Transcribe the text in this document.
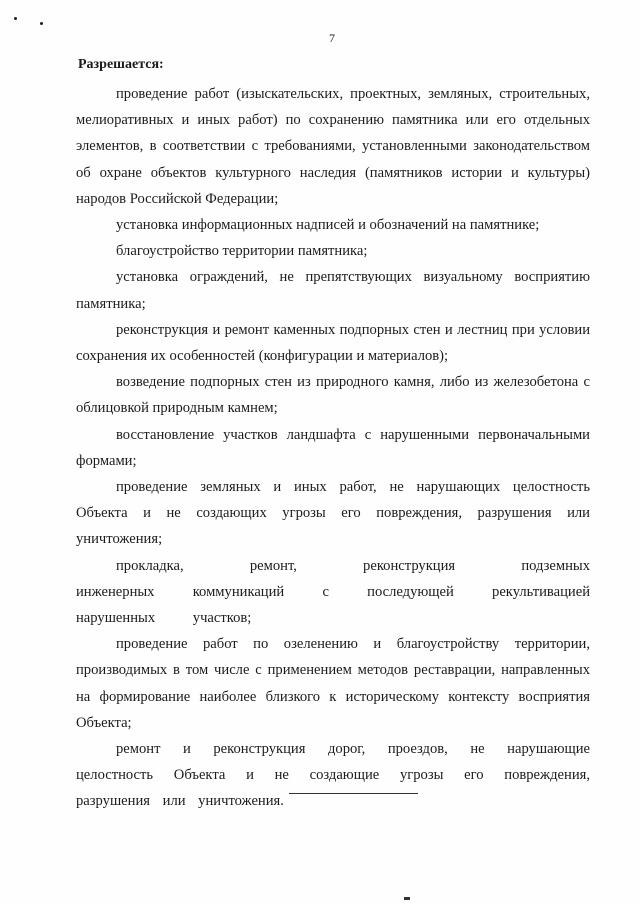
7
Разрешается:

проведение работ (изыскательских, проектных, земляных, строительных, мелиоративных и иных работ) по сохранению памятника или его отдельных элементов, в соответствии с требованиями, установленными законодательством об охране объектов культурного наследия (памятников истории и культуры) народов Российской Федерации;

установка информационных надписей и обозначений на памятнике;

благоустройство территории памятника;

установка ограждений, не препятствующих визуальному восприятию памятника;

реконструкция и ремонт каменных подпорных стен и лестниц при условии сохранения их особенностей (конфигурации и материалов);

возведение подпорных стен из природного камня, либо из железобетона с облицовкой природным камнем;

восстановление участков ландшафта с нарушенными первоначальными формами;

проведение земляных и иных работ, не нарушающих целостность Объекта и не создающих угрозы его повреждения, разрушения или уничтожения;

прокладка, ремонт, реконструкция подземных инженерных коммуникаций с последующей рекультивацией нарушенных участков;

проведение работ по озеленению и благоустройству территории, производимых в том числе с применением методов реставрации, направленных на формирование наиболее близкого к историческому контексту восприятия Объекта;

ремонт и реконструкция дорог, проездов, не нарушающие целостность Объекта и не создающие угрозы его повреждения, разрушения или уничтожения.
